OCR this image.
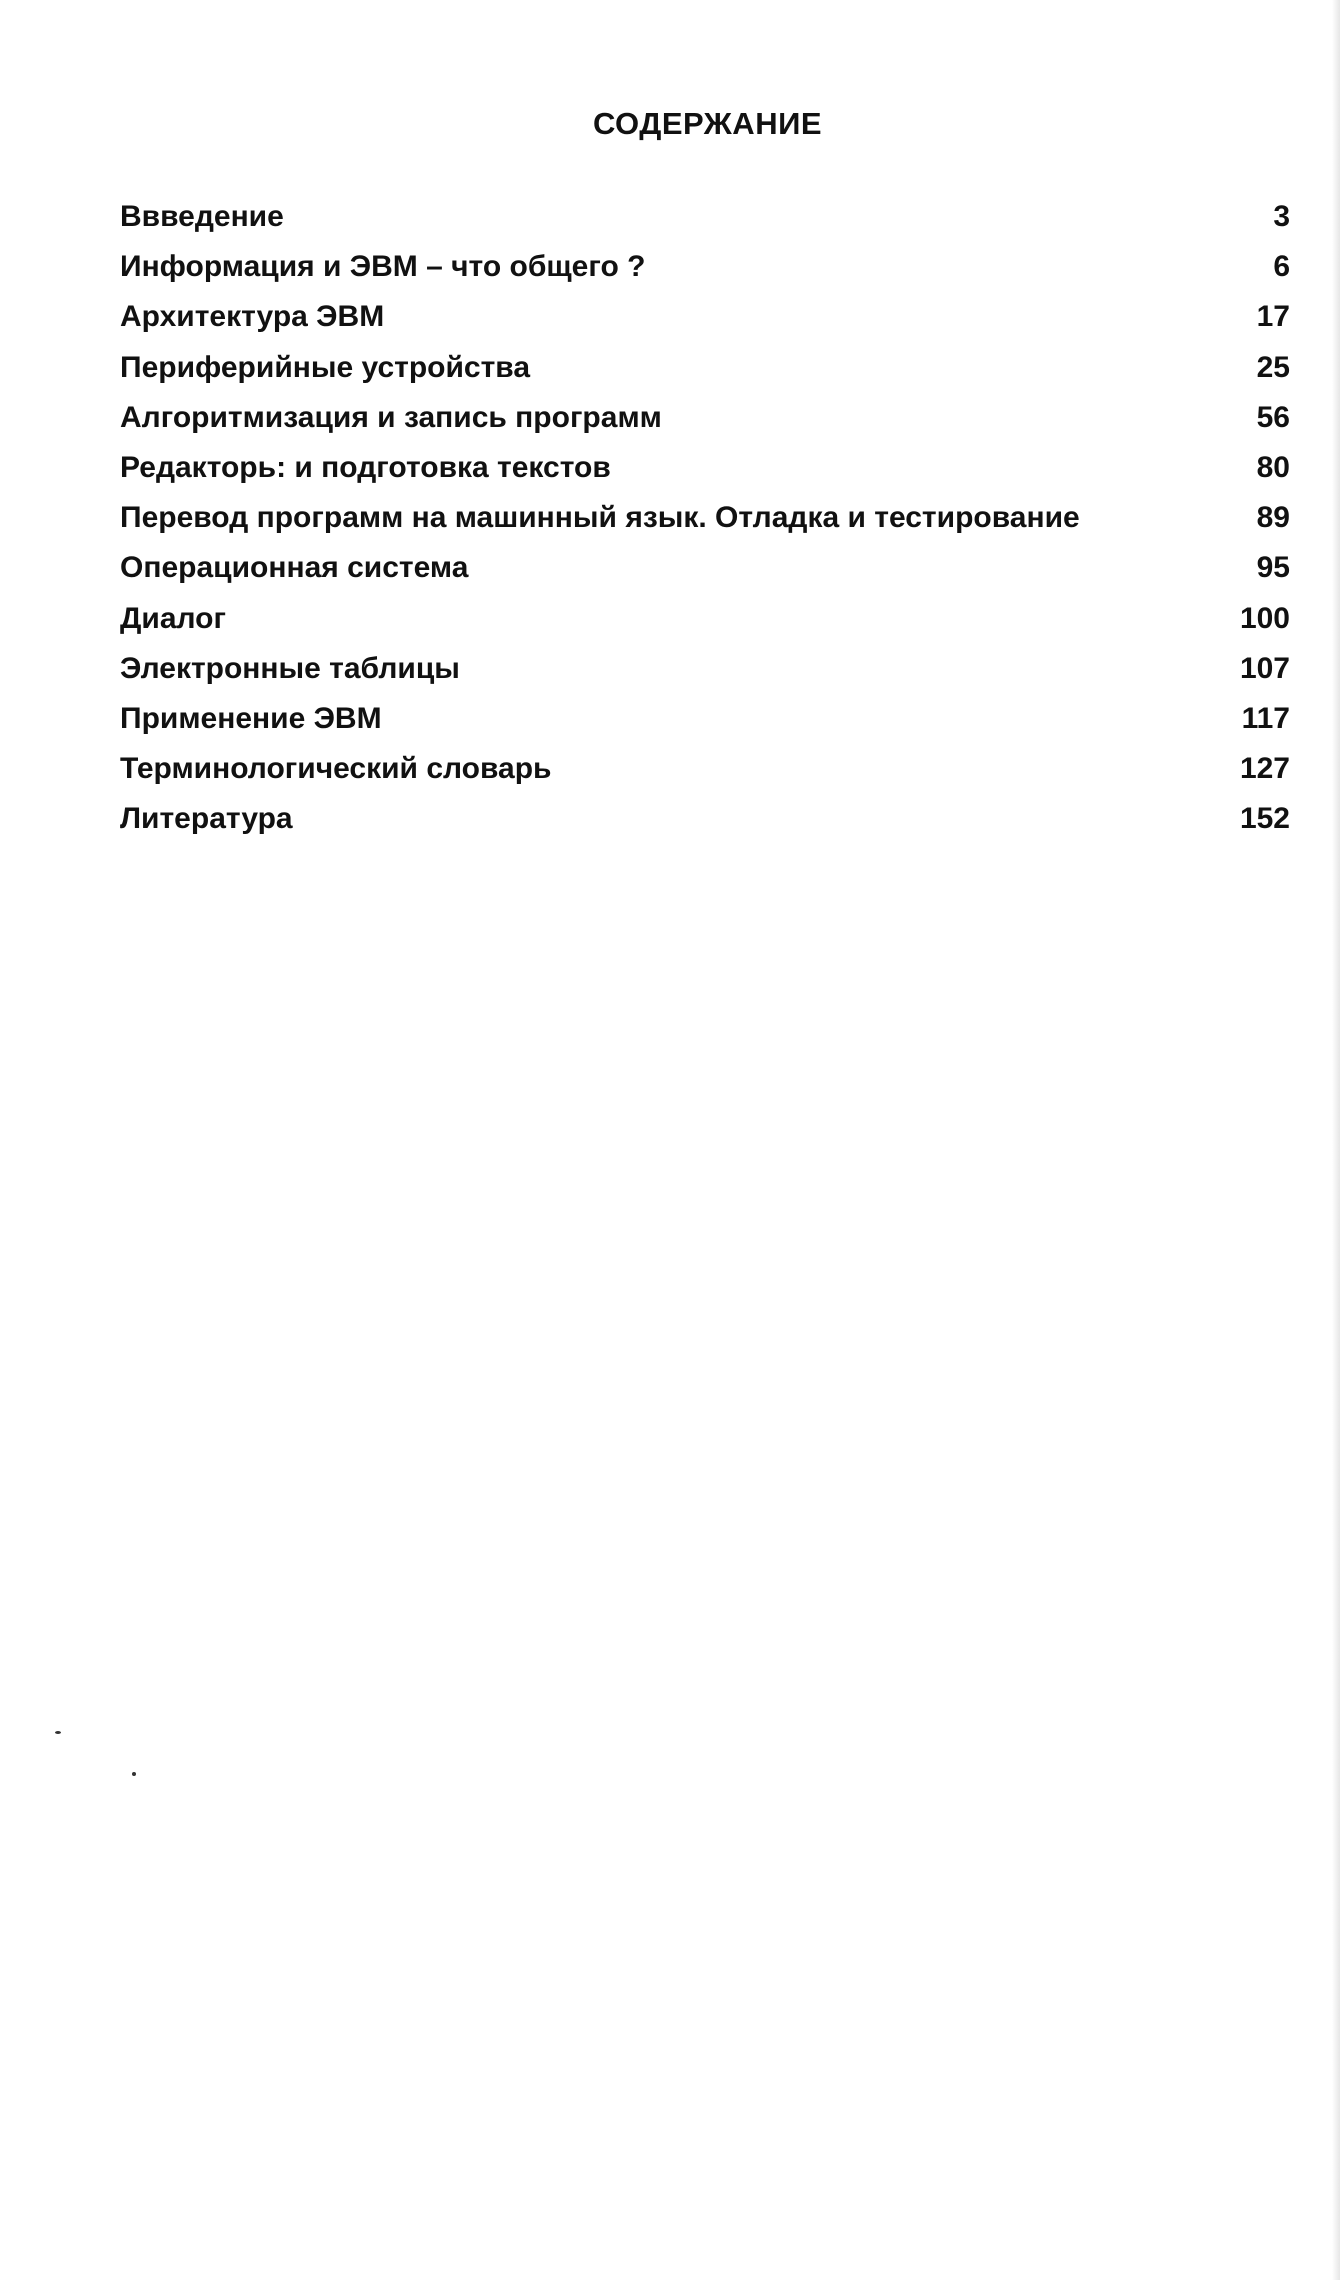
СОДЕРЖАНИЕ
Ввведение	3
Информация и ЭВМ – что общего ?	6
Архитектура ЭВМ	17
Периферийные устройства	25
Алгоритмизация и запись программ	56
Редакторь: и подготовка текстов	80
Перевод программ на машинный язык. Отладка и тестирование	89
Операционная система	95
Диалог	100
Электронные таблицы	107
Применение ЭВМ	117
Терминологический словарь	127
Литература	152
